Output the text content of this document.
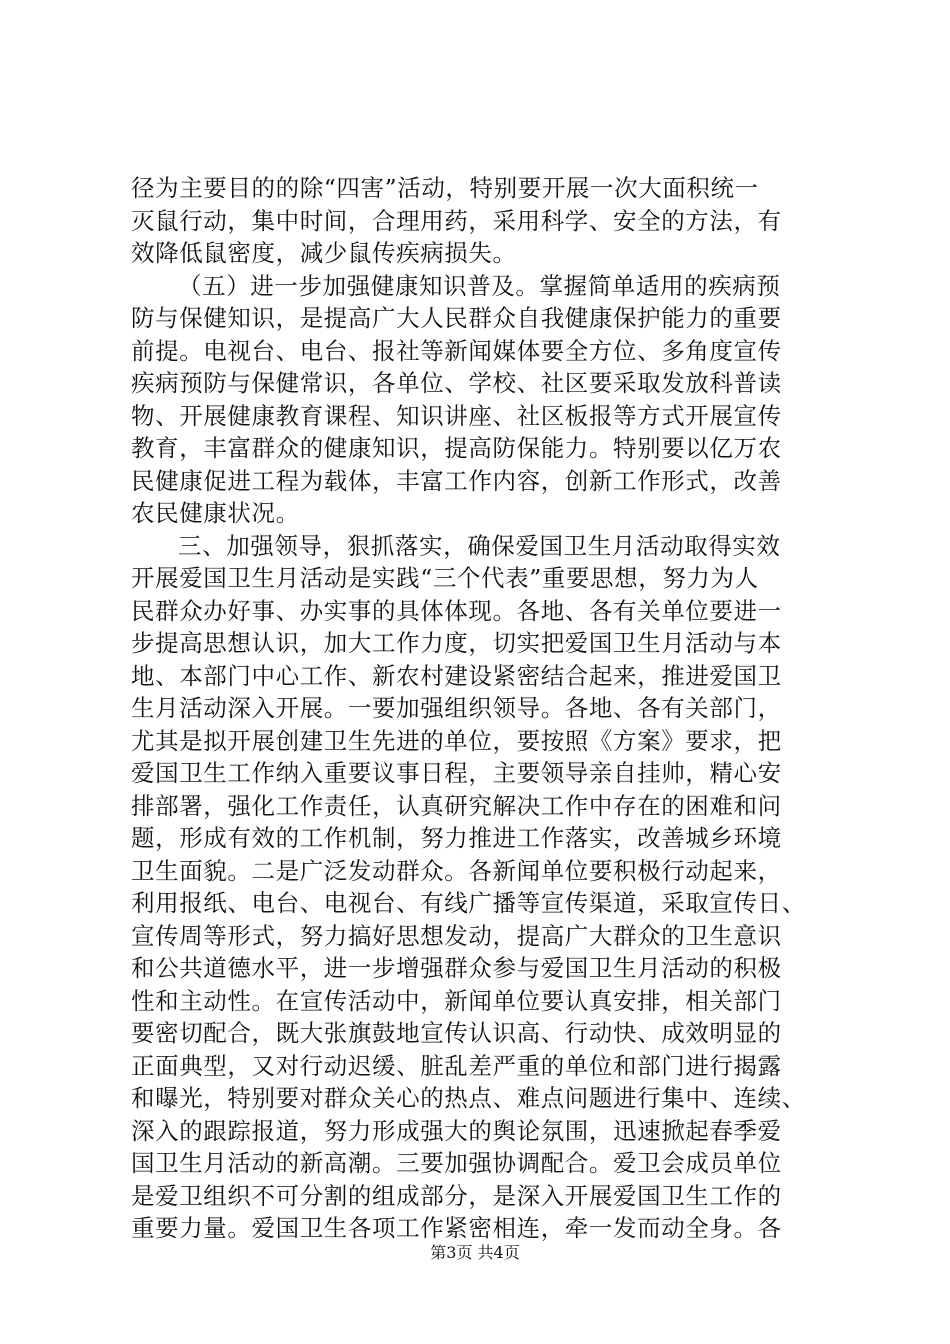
径为主要目的的除“四害”活动，特别要开展一次大面积统一
灭鼠行动，集中时间，合理用药，采用科学、安全的方法，有
效降低鼠密度，减少鼠传疾病损失。
（五）进一步加强健康知识普及。掌握简单适用的疾病预
防与保健知识，是提高广大人民群众自我健康保护能力的重要
前提。电视台、电台、报社等新闻媒体要全方位、多角度宣传
疾病预防与保健常识，各单位、学校、社区要采取发放科普读
物、开展健康教育课程、知识讲座、社区板报等方式开展宣传
教育，丰富群众的健康知识，提高防保能力。特别要以亿万农
民健康促进工程为载体，丰富工作内容，创新工作形式，改善
农民健康状况。
三、加强领导，狠抓落实，确保爱国卫生月活动取得实效
开展爱国卫生月活动是实践“三个代表”重要思想，努力为人
民群众办好事、办实事的具体体现。各地、各有关单位要进一
步提高思想认识，加大工作力度，切实把爱国卫生月活动与本
地、本部门中心工作、新农村建设紧密结合起来，推进爱国卫
生月活动深入开展。一要加强组织领导。各地、各有关部门，
尤其是拟开展创建卫生先进的单位，要按照《方案》要求，把
爱国卫生工作纳入重要议事日程，主要领导亲自挂帅，精心安
排部署，强化工作责任，认真研究解决工作中存在的困难和问
题，形成有效的工作机制，努力推进工作落实，改善城乡环境
卫生面貌。二是广泛发动群众。各新闻单位要积极行动起来，
利用报纸、电台、电视台、有线广播等宣传渠道，采取宣传日、
宣传周等形式，努力搞好思想发动，提高广大群众的卫生意识
和公共道德水平，进一步增强群众参与爱国卫生月活动的积极
性和主动性。在宣传活动中，新闻单位要认真安排，相关部门
要密切配合，既大张旗鼓地宣传认识高、行动快、成效明显的
正面典型，又对行动迟缓、脏乱差严重的单位和部门进行揭露
和曝光，特别要对群众关心的热点、难点问题进行集中、连续、
深入的跟踪报道，努力形成强大的舆论氛围，迅速掀起春季爱
国卫生月活动的新高潮。三要加强协调配合。爱卫会成员单位
是爱卫组织不可分割的组成部分，是深入开展爱国卫生工作的
重要力量。爱国卫生各项工作紧密相连，牵一发而动全身。各
第3页 共4页
